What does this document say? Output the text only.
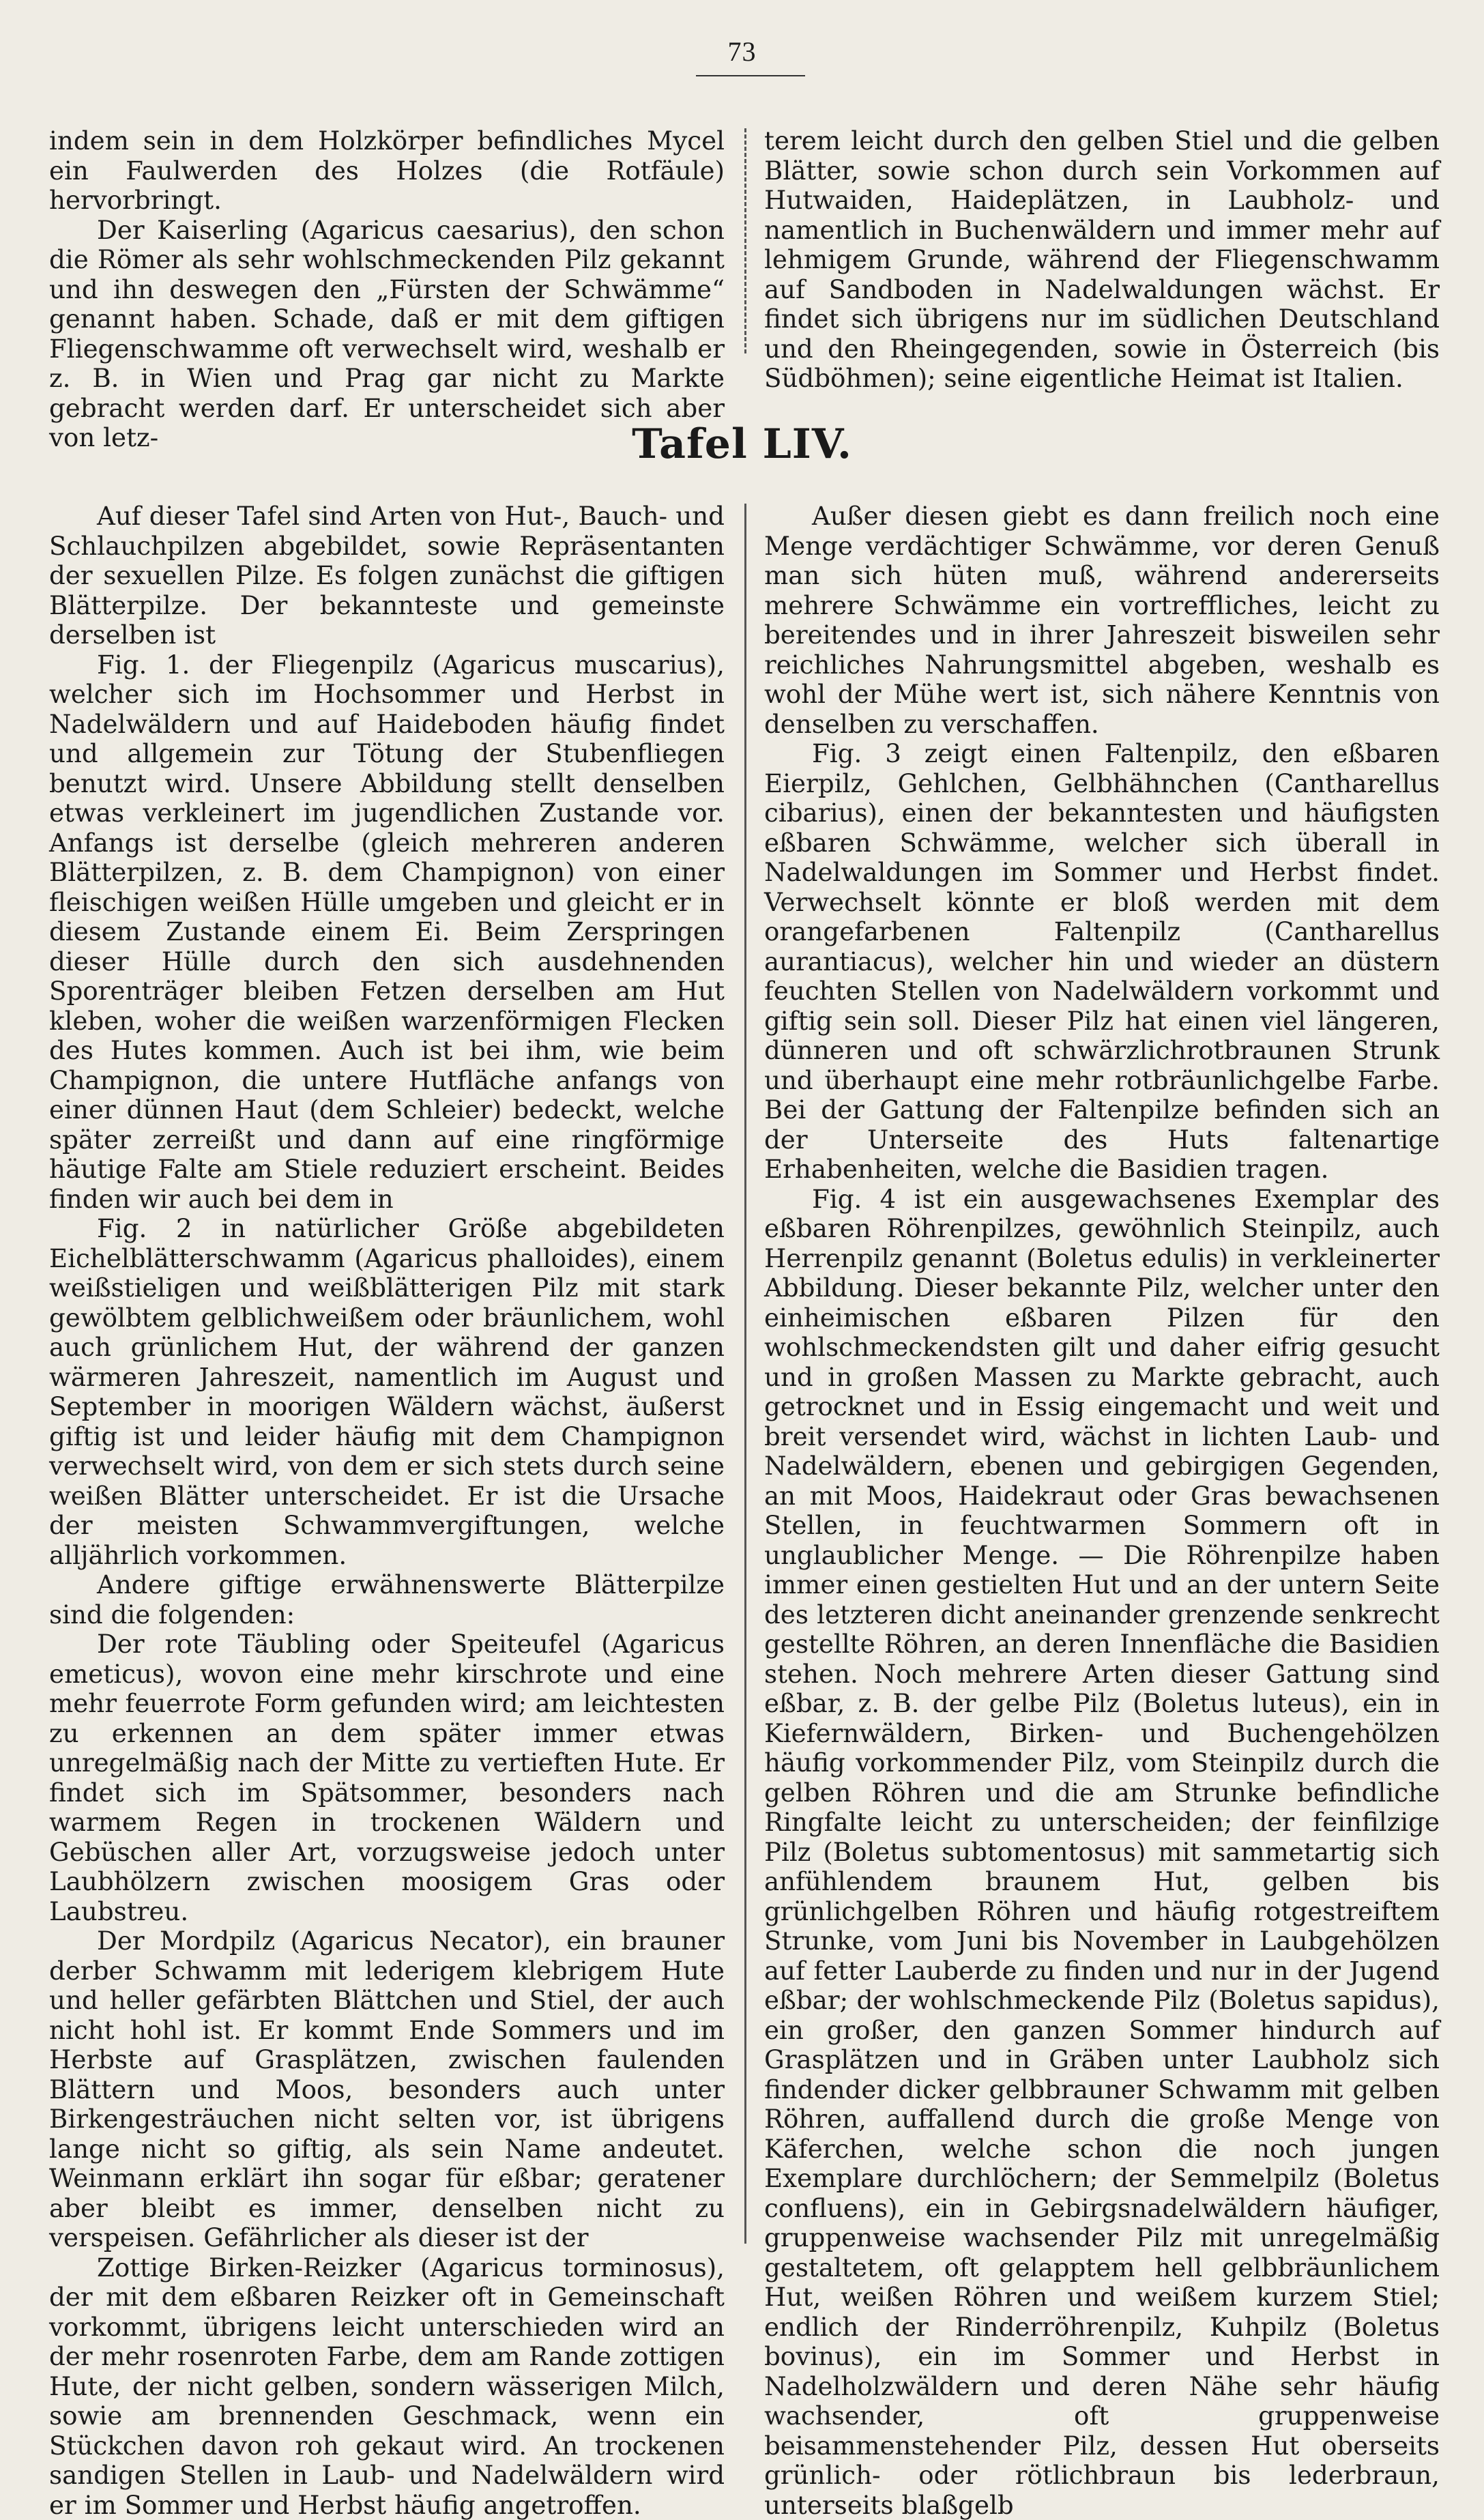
73

indem sein in dem Holzkörper befindliches Mycel ein Faulwerden des Holzes (die Rotfäule) hervorbringt.

Der Kaiserling (Agaricus caesarius), den schon die Römer als sehr wohlschmeckenden Pilz gekannt und ihn deswegen den „Fürsten der Schwämme“ genannt haben. Schade, daß er mit dem giftigen Fliegenschwamme oft verwechselt wird, weshalb er z. B. in Wien und Prag gar nicht zu Markte gebracht werden darf. Er unterscheidet sich aber von letz-

terem leicht durch den gelben Stiel und die gelben Blätter, sowie schon durch sein Vorkommen auf Hutwaiden, Haideplätzen, in Laubholz- und namentlich in Buchenwäldern und immer mehr auf lehmigem Grunde, während der Fliegenschwamm auf Sandboden in Nadelwaldungen wächst. Er findet sich übrigens nur im südlichen Deutschland und den Rheingegenden, sowie in Österreich (bis Südböhmen); seine eigentliche Heimat ist Italien.

Tafel LIV.

Auf dieser Tafel sind Arten von Hut-, Bauch- und Schlauchpilzen abgebildet, sowie Repräsentanten der sexuellen Pilze. Es folgen zunächst die giftigen Blätterpilze. Der bekannteste und gemeinste derselben ist

Fig. 1. der Fliegenpilz (Agaricus muscarius), welcher sich im Hochsommer und Herbst in Nadelwäldern und auf Haideboden häufig findet und allgemein zur Tötung der Stubenfliegen benutzt wird. Unsere Abbildung stellt denselben etwas verkleinert im jugendlichen Zustande vor. Anfangs ist derselbe (gleich mehreren anderen Blätterpilzen, z. B. dem Champignon) von einer fleischigen weißen Hülle umgeben und gleicht er in diesem Zustande einem Ei. Beim Zerspringen dieser Hülle durch den sich ausdehnenden Sporenträger bleiben Fetzen derselben am Hut kleben, woher die weißen warzenförmigen Flecken des Hutes kommen. Auch ist bei ihm, wie beim Champignon, die untere Hutfläche anfangs von einer dünnen Haut (dem Schleier) bedeckt, welche später zerreißt und dann auf eine ringförmige häutige Falte am Stiele reduziert erscheint. Beides finden wir auch bei dem in

Fig. 2 in natürlicher Größe abgebildeten Eichelblätterschwamm (Agaricus phalloides), einem weißstieligen und weißblätterigen Pilz mit stark gewölbtem gelblichweißem oder bräunlichem, wohl auch grünlichem Hut, der während der ganzen wärmeren Jahreszeit, namentlich im August und September in moorigen Wäldern wächst, äußerst giftig ist und leider häufig mit dem Champignon verwechselt wird, von dem er sich stets durch seine weißen Blätter unterscheidet. Er ist die Ursache der meisten Schwammvergiftungen, welche alljährlich vorkommen.

Andere giftige erwähnenswerte Blätterpilze sind die folgenden:

Der rote Täubling oder Speiteufel (Agaricus emeticus), wovon eine mehr kirschrote und eine mehr feuerrote Form gefunden wird; am leichtesten zu erkennen an dem später immer etwas unregelmäßig nach der Mitte zu vertieften Hute. Er findet sich im Spätsommer, besonders nach warmem Regen in trockenen Wäldern und Gebüschen aller Art, vorzugsweise jedoch unter Laubhölzern zwischen moosigem Gras oder Laubstreu.

Der Mordpilz (Agaricus Necator), ein brauner derber Schwamm mit lederigem klebrigem Hute und heller gefärbten Blättchen und Stiel, der auch nicht hohl ist. Er kommt Ende Sommers und im Herbste auf Grasplätzen, zwischen faulenden Blättern und Moos, besonders auch unter Birkengesträuchen nicht selten vor, ist übrigens lange nicht so giftig, als sein Name andeutet. Weinmann erklärt ihn sogar für eßbar; geratener aber bleibt es immer, denselben nicht zu verspeisen. Gefährlicher als dieser ist der

Zottige Birken-Reizker (Agaricus torminosus), der mit dem eßbaren Reizker oft in Gemeinschaft vorkommt, übrigens leicht unterschieden wird an der mehr rosenroten Farbe, dem am Rande zottigen Hute, der nicht gelben, sondern wässerigen Milch, sowie am brennenden Geschmack, wenn ein Stückchen davon roh gekaut wird. An trockenen sandigen Stellen in Laub- und Nadelwäldern wird er im Sommer und Herbst häufig angetroffen.

Außer diesen giebt es dann freilich noch eine Menge verdächtiger Schwämme, vor deren Genuß man sich hüten muß, während andererseits mehrere Schwämme ein vortreffliches, leicht zu bereitendes und in ihrer Jahreszeit bisweilen sehr reichliches Nahrungsmittel abgeben, weshalb es wohl der Mühe wert ist, sich nähere Kenntnis von denselben zu verschaffen.

Fig. 3 zeigt einen Faltenpilz, den eßbaren Eierpilz, Gehlchen, Gelbhähnchen (Cantharellus cibarius), einen der bekanntesten und häufigsten eßbaren Schwämme, welcher sich überall in Nadelwaldungen im Sommer und Herbst findet. Verwechselt könnte er bloß werden mit dem orangefarbenen Faltenpilz (Cantharellus aurantiacus), welcher hin und wieder an düstern feuchten Stellen von Nadelwäldern vorkommt und giftig sein soll. Dieser Pilz hat einen viel längeren, dünneren und oft schwärzlichrotbraunen Strunk und überhaupt eine mehr rotbräunlichgelbe Farbe. Bei der Gattung der Faltenpilze befinden sich an der Unterseite des Huts faltenartige Erhabenheiten, welche die Basidien tragen.

Fig. 4 ist ein ausgewachsenes Exemplar des eßbaren Röhrenpilzes, gewöhnlich Steinpilz, auch Herrenpilz genannt (Boletus edulis) in verkleinerter Abbildung. Dieser bekannte Pilz, welcher unter den einheimischen eßbaren Pilzen für den wohlschmeckendsten gilt und daher eifrig gesucht und in großen Massen zu Markte gebracht, auch getrocknet und in Essig eingemacht und weit und breit versendet wird, wächst in lichten Laub- und Nadelwäldern, ebenen und gebirgigen Gegenden, an mit Moos, Haidekraut oder Gras bewachsenen Stellen, in feuchtwarmen Sommern oft in unglaublicher Menge. — Die Röhrenpilze haben immer einen gestielten Hut und an der untern Seite des letzteren dicht aneinander grenzende senkrecht gestellte Röhren, an deren Innenfläche die Basidien stehen. Noch mehrere Arten dieser Gattung sind eßbar, z. B. der gelbe Pilz (Boletus luteus), ein in Kiefernwäldern, Birken- und Buchengehölzen häufig vorkommender Pilz, vom Steinpilz durch die gelben Röhren und die am Strunke befindliche Ringfalte leicht zu unterscheiden; der feinfilzige Pilz (Boletus subtomentosus) mit sammetartig sich anfühlendem braunem Hut, gelben bis grünlichgelben Röhren und häufig rotgestreiftem Strunke, vom Juni bis November in Laubgehölzen auf fetter Lauberde zu finden und nur in der Jugend eßbar; der wohlschmeckende Pilz (Boletus sapidus), ein großer, den ganzen Sommer hindurch auf Grasplätzen und in Gräben unter Laubholz sich findender dicker gelbbrauner Schwamm mit gelben Röhren, auffallend durch die große Menge von Käferchen, welche schon die noch jungen Exemplare durchlöchern; der Semmelpilz (Boletus confluens), ein in Gebirgsnadelwäldern häufiger, gruppenweise wachsender Pilz mit unregelmäßig gestaltetem, oft gelapptem hell gelbbräunlichem Hut, weißen Röhren und weißem kurzem Stiel; endlich der Rinderröhrenpilz, Kuhpilz (Boletus bovinus), ein im Sommer und Herbst in Nadelholzwäldern und deren Nähe sehr häufig wachsender, oft gruppenweise beisammenstehender Pilz, dessen Hut oberseits grünlich- oder rötlichbraun bis lederbraun, unterseits blaßgelb
